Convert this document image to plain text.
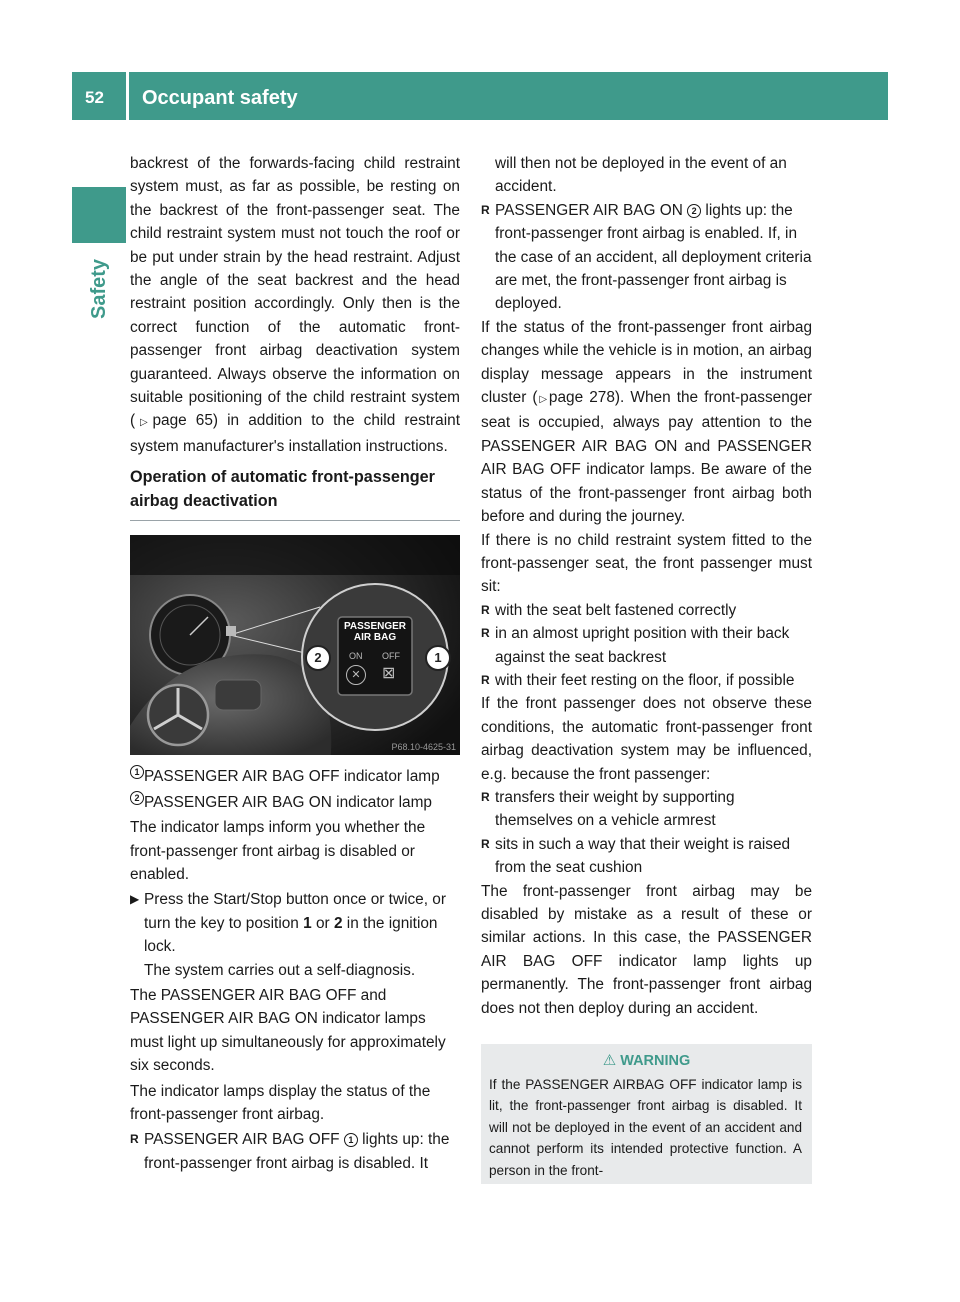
52 Occupant safety
Safety

backrest of the forwards-facing child restraint system must, as far as possible, be resting on the backrest of the front-passenger seat. The child restraint system must not touch the roof or be put under strain by the head restraint. Adjust the angle of the seat backrest and the head restraint position accordingly. Only then is the correct function of the automatic front-passenger front airbag deactivation system guaranteed. Always observe the information on suitable positioning of the child restraint system (▷page 65) in addition to the child restraint system manufacturer's installation instructions.

Operation of automatic front-passenger airbag deactivation
PASSENGER
AIR BAG
ON OFF
✕	⊠
2	1
P68.10-4625-31
1 PASSENGER AIR BAG OFF indicator lamp
2 PASSENGER AIR BAG ON indicator lamp

The indicator lamps inform you whether the front-passenger front airbag is disabled or enabled.

▶ Press the Start/Stop button once or twice, or turn the key to position 1 or 2 in the ignition lock.
The system carries out a self-diagnosis.

The PASSENGER AIR BAG OFF and PASSENGER AIR BAG ON indicator lamps must light up simultaneously for approximately six seconds.

The indicator lamps display the status of the front-passenger front airbag.

R PASSENGER AIR BAG OFF 1 lights up: the front-passenger front airbag is disabled. It

will then not be deployed in the event of an accident.

R PASSENGER AIR BAG ON 2 lights up: the front-passenger front airbag is enabled. If, in the case of an accident, all deployment criteria are met, the front-passenger front airbag is deployed.

If the status of the front-passenger front airbag changes while the vehicle is in motion, an airbag display message appears in the instrument cluster (▷page 278). When the front-passenger seat is occupied, always pay attention to the PASSENGER AIR BAG ON and PASSENGER AIR BAG OFF indicator lamps. Be aware of the status of the front-passenger front airbag both before and during the journey.

If there is no child restraint system fitted to the front-passenger seat, the front passenger must sit:

R with the seat belt fastened correctly
R in an almost upright position with their back against the seat backrest
R with their feet resting on the floor, if possible

If the front passenger does not observe these conditions, the automatic front-passenger front airbag deactivation system may be influenced, e.g. because the front passenger:

R transfers their weight by supporting themselves on a vehicle armrest
R sits in such a way that their weight is raised from the seat cushion

The front-passenger front airbag may be disabled by mistake as a result of these or similar actions. In this case, the PASSENGER AIR BAG OFF indicator lamp lights up permanently. The front-passenger front airbag does not then deploy during an accident.

⚠ WARNING
If the PASSENGER AIRBAG OFF indicator lamp is lit, the front-passenger front airbag is disabled. It will not be deployed in the event of an accident and cannot perform its intended protective function. A person in the front-
